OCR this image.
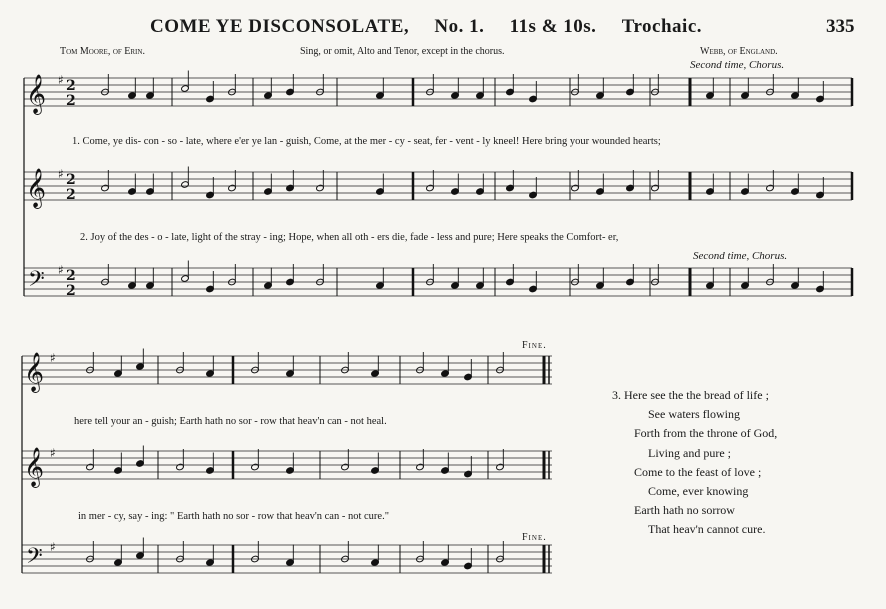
COME YE DISCONSOLATE, No. 1. 11s & 10s. Trochaic.	335
Tom Moore, of Erin.	Sing, or omit, Alto and Tenor, except in the chorus.	Webb, of England.
Second time, Chorus.
Second time, Chorus.
Fine.
Fine.
1. Come, ye dis- con - so - late, where e'er ye lan - guish, Come, at the mer - cy - seat, fer - vent - ly kneel! Here bring your wounded hearts;
2. Joy of the des - o - late, light of the stray - ing; Hope, when all oth - ers die, fade - less and pure; Here speaks the Comfort- er,
here tell your an - guish; Earth hath no sor - row that heav'n can - not heal.
in mer - cy, say - ing: " Earth hath no sor - row that heav'n can - not cure."
3. Here see the the bread of life ;
See waters flowing
Forth from the throne of God,
Living and pure ;
Come to the feast of love ;
Come, ever knowing
Earth hath no sorrow
That heav'n cannot cure.
𝄞
𝄞
𝄢
♯ 2
2
♯ 2
2
♯ 2
2
𝄞
𝄞
𝄢
♯
♯
♯
